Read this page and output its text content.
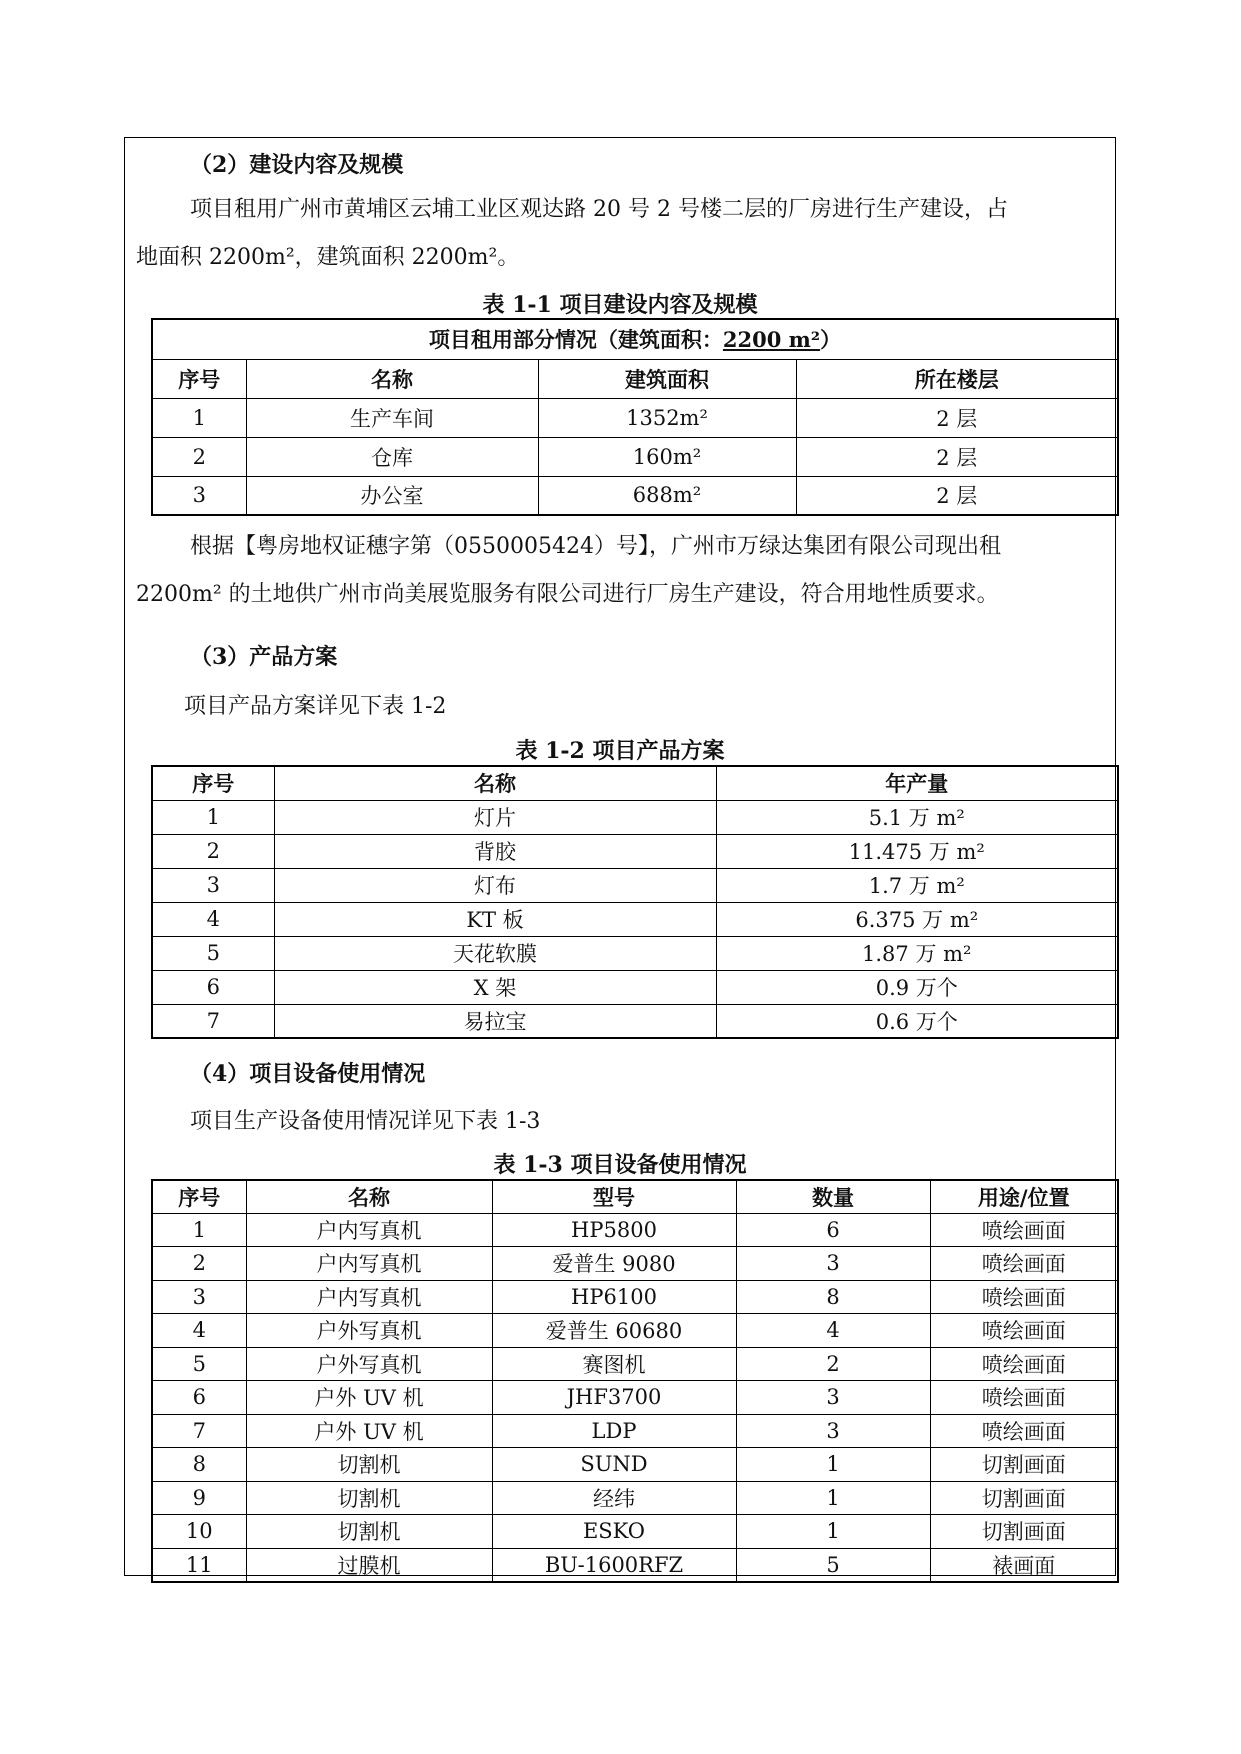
（2）建设内容及规模
项目租用广州市黄埔区云埔工业区观达路 20 号 2 号楼二层的厂房进行生产建设，占
地面积 2200m²，建筑面积 2200m²。
表 1-1 项目建设内容及规模
项目租用部分情况（建筑面积：2200 m²）			
序号	名称	建筑面积	所在楼层
1	生产车间	1352m²	2 层
2	仓库	160m²	2 层
3	办公室	688m²	2 层
根据【粤房地权证穗字第（0550005424）号】，广州市万绿达集团有限公司现出租
2200m² 的土地供广州市尚美展览服务有限公司进行厂房生产建设，符合用地性质要求。
（3）产品方案
项目产品方案详见下表 1-2
表 1-2 项目产品方案
序号	名称	年产量
1	灯片	5.1 万 m²
2	背胶	11.475 万 m²
3	灯布	1.7 万 m²
4	KT 板	6.375 万 m²
5	天花软膜	1.87 万 m²
6	X 架	0.9 万个
7	易拉宝	0.6 万个
（4）项目设备使用情况
项目生产设备使用情况详见下表 1-3
表 1-3 项目设备使用情况
序号	名称	型号	数量	用途/位置
1	户内写真机	HP5800	6	喷绘画面
2	户内写真机	爱普生 9080	3	喷绘画面
3	户内写真机	HP6100	8	喷绘画面
4	户外写真机	爱普生 60680	4	喷绘画面
5	户外写真机	赛图机	2	喷绘画面
6	户外 UV 机	JHF3700	3	喷绘画面
7	户外 UV 机	LDP	3	喷绘画面
8	切割机	SUND	1	切割画面
9	切割机	经纬	1	切割画面
10	切割机	ESKO	1	切割画面
11	过膜机	BU-1600RFZ	5	裱画面
